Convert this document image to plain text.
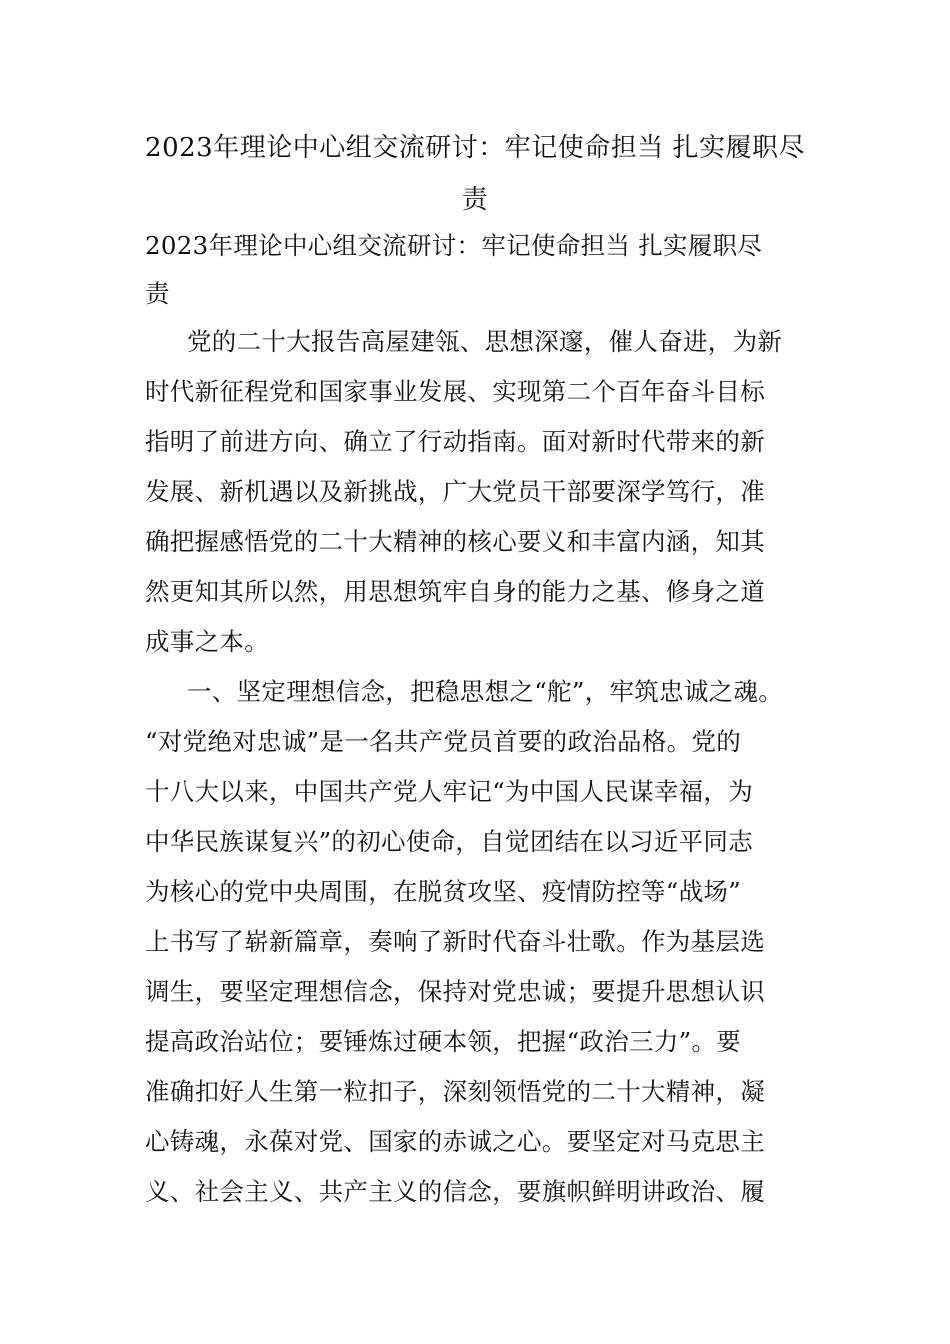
2023年理论中心组交流研讨：牢记使命担当 扎实履职尽
责
2023年理论中心组交流研讨：牢记使命担当 扎实履职尽
责
党的二十大报告高屋建瓴、思想深邃，催人奋进，为新
时代新征程党和国家事业发展、实现第二个百年奋斗目标
指明了前进方向、确立了行动指南。面对新时代带来的新
发展、新机遇以及新挑战，广大党员干部要深学笃行，准
确把握感悟党的二十大精神的核心要义和丰富内涵，知其
然更知其所以然，用思想筑牢自身的能力之基、修身之道
成事之本。
一、坚定理想信念，把稳思想之“舵”，牢筑忠诚之魂。
“对党绝对忠诚”是一名共产党员首要的政治品格。党的
十八大以来，中国共产党人牢记“为中国人民谋幸福，为
中华民族谋复兴”的初心使命，自觉团结在以习近平同志
为核心的党中央周围，在脱贫攻坚、疫情防控等“战场”
上书写了崭新篇章，奏响了新时代奋斗壮歌。作为基层选
调生，要坚定理想信念，保持对党忠诚；要提升思想认识
提高政治站位；要锤炼过硬本领，把握“政治三力”。要
准确扣好人生第一粒扣子，深刻领悟党的二十大精神，凝
心铸魂，永葆对党、国家的赤诚之心。要坚定对马克思主
义、社会主义、共产主义的信念，要旗帜鲜明讲政治、履
